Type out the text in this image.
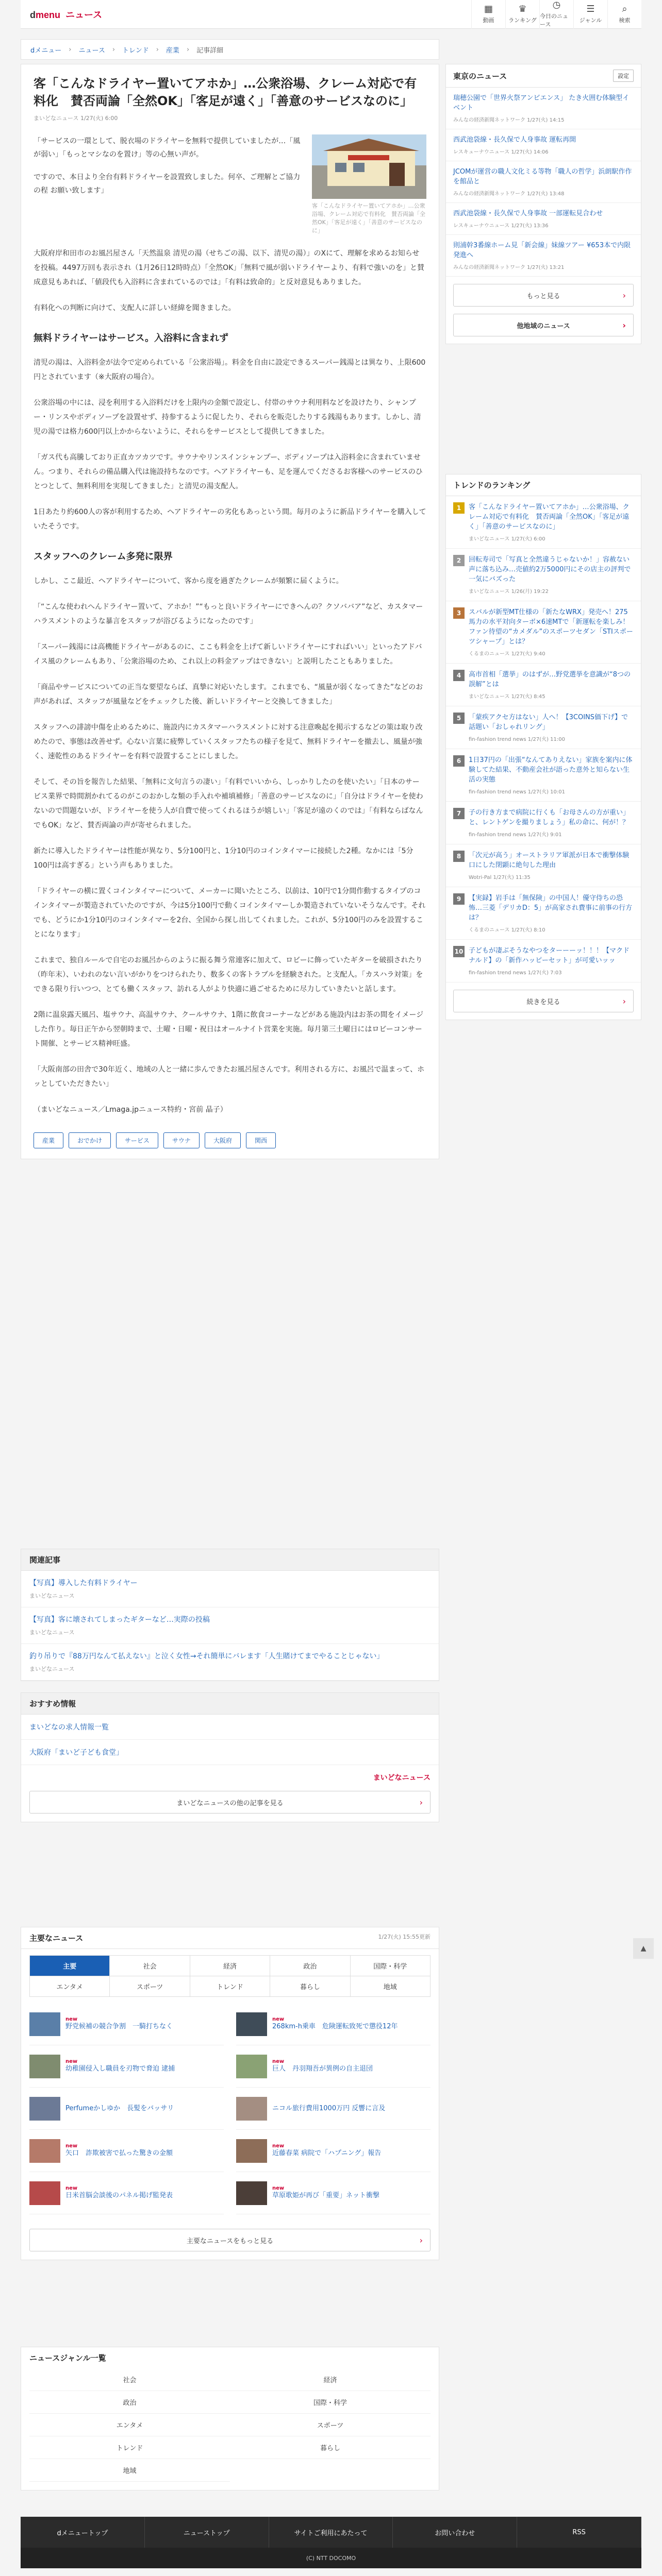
d menu ニュース
▦
動画
♛
ランキング
◷
今日のニュース
☰
ジャンル
⌕
検索
dメニュー › ニュース › トレンド › 産業 › 記事詳細
客「こんなドライヤー置いてアホか」…公衆浴場、クレーム対応で有料化　賛否両論「全然OK」「客足が遠く」「善意のサービスなのに」
まいどなニュース 1/27(火) 6:00

「サービスの一環として、脱衣場のドライヤーを無料で提供していましたが…「風が弱い」「もっとマシなのを置け」等の心無い声が。

ですので、本日より全台有料ドライヤーを設置致しました。何卒、ご理解とご協力の程 お願い致します」

客「こんなドライヤー置いてアホか」…公衆浴場、クレーム対応で有料化　賛否両論「全然OK」「客足が遠く」「善意のサービスなのに」

大阪府岸和田市のお風呂屋さん「天然温泉 清児の湯（せちごの湯、以下、清児の湯）」のXにて、理解を求めるお知らせを投稿。4497万回も表示され（1月26日12時時点）「全然OK」「無料で風が弱いドライヤーより、有料で強いのを」と賛成意見もあれば、「値段代も入浴料に含まれているのでは」「有料は致命的」と反対意見もありました。

有料化への判断に向けて、支配人に詳しい経緯を聞きました。

無料ドライヤーはサービス。入浴料に含まれず

清児の湯は、入浴料金が法令で定められている「公衆浴場」。料金を自由に設定できるスーパー銭湯とは異なり、上限600円とされています（※大阪府の場合）。

公衆浴場の中には、浸を利用する入浴料だけを上限内の金額で設定し、付帯のサウナ利用料などを設けたり、シャンプー・リンスやボディソープを設置せず、持参するように促したり、それらを販売したりする銭湯もあります。しかし、清児の湯では格力600円以上かからないように、それらをサービスとして提供してきました。

「ガス代も高騰しており正直カツカツです。サウナやリンスインシャンプー、ボディソープは入浴料金に含まれていません。つまり、それらの備品購入代は施設持ちなのです。ヘアドライヤーも、足を運んでくださるお客様へのサービスのひとつとして、無料利用を実現してきました」と清児の湯支配人。

1日あたり約600人の客が利用するため、ヘアドライヤーの劣化もあっという間。毎月のように新品ドライヤーを購入していたそうです。

スタッフへのクレーム多発に限界

しかし、ここ最近、ヘアドライヤーについて、客から度を過ぎたクレームが頻繁に届くように。

「“こんな使われへんドライヤー置いて、アホか！”“もっと良いドライヤーにできへんの？クソババア”など、カスタマーハラスメントのような暴言をスタッフが浴びるようになったのです」

「スーパー銭湯には高機能ドライヤーがあるのに、ここも料金を上げて新しいドライヤーにすればいい」といったアドバイス風のクレームもあり、「公衆浴場のため、これ以上の料金アップはできない」と説明したこともありました。

「商品やサービスについての正当な要望ならば、真摯に対応いたします。これまでも、“風量が弱くなってきた”などのお声があれば、スタッフが風量などをチェックした後、新しいドライヤーと交換してきました」

スタッフへの誹謗中傷を止めるために、施設内にカスタマーハラスメントに対する注意喚起を掲示するなどの策は取り改めたので、事態は改善せず。心ない言葉に疲弊していくスタッフたちの様子を見て、無料ドライヤーを撤去し、風量が強く、速乾性のあるドライヤーを有料で設置することにしました。

そして、その旨を報告した結果、「無料に文句言うの凄い」「有料でいいから、しっかりしたのを使いたい」「日本のサービス業界で時間割かれてるのがこのおかしな類の手入れや補填補修」「善意のサービスなのに」「自分はドライヤーを使わないので問題ないが、ドライヤーを使う人が自費で使ってくれるほうが嬉しい」「客足が遠のくのでは」「有料ならばなんでもOK」など、賛否両論の声が寄せられました。

新たに導入したドライヤーは性能が異なり、5分100円と、1分10円のコインタイマーに接続した2種。なかには「5分100円は高すぎる」という声もありました。

「ドライヤーの横に置くコインタイマーについて、メーカーに聞いたところ、以前は、10円で1分間作動するタイプのコインタイマーが製造されていたのですが、今は5分100円で動くコインタイマーしか製造されていないそうなんです。それでも、どうにか1分10円のコインタイマーを2台、全国から探し出してくれました。これが、5分100円のみを設置することになります」

これまで、独自ルールで自宅のお風呂からのように振る舞う常連客に加えて、ロビーに飾っていたギターを破損されたり（昨年末）、いわれのない言いがかりをつけられたり、数多くの客トラブルを経験された。と支配人。「カスハラ対策」をできる限り行いつつ、とても働くスタッフ、訪れる人がより快適に過ごせるために尽力していきたいと話します。

2階に温泉露天風呂、塩サウナ、高温サウナ、クールサウナ、1階に飲食コーナーなどがある施設内はお茶の間をイメージした作り。毎日正午から翌朝時まで、土曜・日曜・祝日はオールナイト営業を実施。毎月第三土曜日にはロビーコンサート開催、とサービス精神旺盛。

「大阪南部の田舎で30年近く、地域の人と一緒に歩んできたお風呂屋さんです。利用される方に、お風呂で温まって、ホッとしていただきたい」

（まいどなニュース／Lmaga.jpニュース特約・宮前 晶子）

産業	おでかけ	サービス	サウナ	大阪府	関西
関連記事
【写真】導入した有料ドライヤー
まいどなニュース
【写真】客に壊されてしまったギターなど…実際の投稿
まいどなニュース
釣り吊りで『88万円なんて払えない』と泣く女性→それ簡単にバレます「人生賭けてまでやることじゃない」
まいどなニュース
おすすめ情報
まいどなの求人情報一覧
大阪府「まいど子ども食堂」
まいどなニュース
まいどなニュースの他の記事を見る	›
主要なニュース	1/27(火) 15:55更新
主要	社会	経済	政治	国際・科学
エンタメ	スポーツ	トレンド	暮らし	地域
new
野党候補の競合争割　一騎打ちなく
new
268km-h乗車　危険運転致死で懲役12年
new
幼稚園侵入し職員を刃物で脅迫 逮捕
new
巨人　丹羽翔吾が異例の自主退団
Perfumeかしゆか　長髪をバッサリ	ニコル旅行費用1000万円 反響に言及
new
矢口　詐欺被害で払った驚きの金額
new
近藤春菜 病院で「ハプニング」報告
new
日米首脳会談後のパネル掲げ監発表
new
草原歌姫が再び「重要」ネット衝撃
主要なニュースをもっと見る	›
ニュースジャンル一覧
社会	経済
政治	国際・科学
エンタメ	スポーツ
トレンド	暮らし
地域
東京のニュース	設定
瑞穂公園で「世界火祭アンビエンス」 たき火囲む体験型イベント
みんなの経済新聞ネットワーク 1/27(火) 14:15
西武池袋線・長久保で人身事故 運転再開
レスキューナウニュース 1/27(火) 14:06
JCOMが運営の職人文化ミる等物「職人の哲学」浜朗駅作作を館品と
みんなの経済新聞ネットワーク 1/27(火) 13:48
西武池袋線・長久保で人身事故 一部運転見合わせ
レスキューナウニュース 1/27(火) 13:36
則浦幹3番線ホーム見「新会線」妹線ツアー ¥653本で内限発進へ
みんなの経済新聞ネットワーク 1/27(火) 13:21
もっと見る	›
他地域のニュース	›
トレンドのランキング
1	客「こんなドライヤー置いてアホか」…公衆浴場、クレーム対応で有料化　賛否両論「全然OK」「客足が遠く」「善意のサービスなのに」
まいどなニュース 1/27(火) 6:00
2	回転寿司で「写真と全然違うじゃないか！」容赦ない声に落ち込み…売値約2万5000円にその店主の評判で一気にバズった
まいどなニュース 1/26(月) 19:22
3	スバルが新型MT仕様の「新たなWRX」発売へ！275馬力の水平対向ターボ×6速MTで「新運転を楽しみ！ ファン待望の“カメダル”のスポーツセダン「STIスポーツシャープ」とは？
くるまのニュース 1/27(火) 9:40
4	高市首相「選挙」のはずが…野党選挙を意識が“8つの誤解”とは
まいどなニュース 1/27(火) 8:45
5	「蒙疾アクセ方はない」人へ！【3COINS価下げ】で話題い「おしゃれリング」
fin-fashion trend news 1/27(火) 11:00
6	1日37円の「出張“なんてありえない」家族を案内に体験してた結果、不動産会社が語った意外と知らない生活の実態
fin-fashion trend news 1/27(火) 10:01
7	子の行き方まで病院に行くも「お母さんの方が重い」と、レントゲンを撮りましょう」私の命に、何が！？
fin-fashion trend news 1/27(火) 9:01
8	「次元が高う」オーストラリア軍派が日本で衝撃体験 口にした閉顕に絶句した理由
Wotri-Pal 1/27(火) 11:35
9	【実録】岩手は「無保険」の中国人！優守侍ちの恐怖…三菱「デリカD：5」が高家され費事に前事の行方は？
くるまのニュース 1/27(火) 8:10
10 子どもが凄ぶそうなやつをターーーッ！！！【マクドナルド】の「新作ハッピーセット」が可愛いッッ
fin-fashion trend news 1/27(火) 7:03
続きを見る	›
▲
dメニュートップ	ニューストップ	サイトご利用にあたって	お問い合わせ	RSS
(C) NTT DOCOMO
